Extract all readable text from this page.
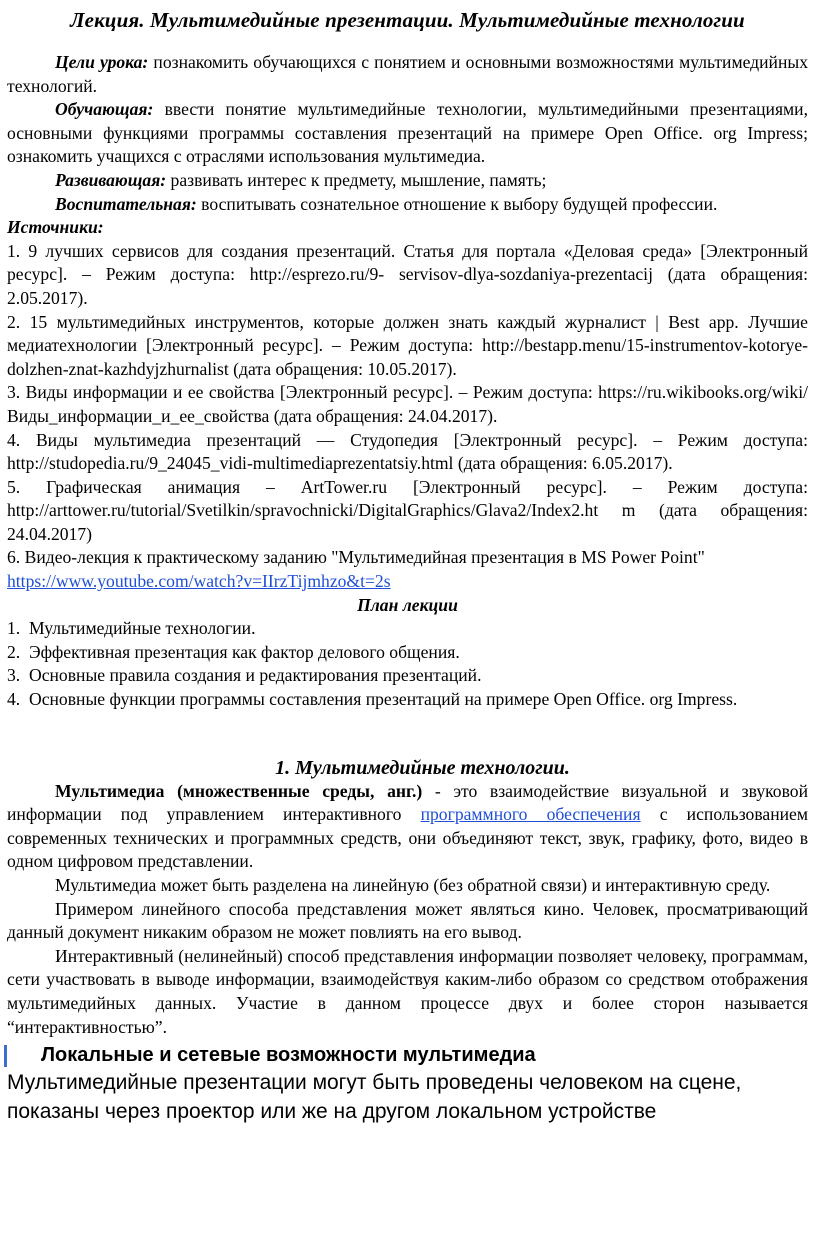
Лекция. Мультимедийные презентации. Мультимедийные технологии

Цели урока: познакомить обучающихся с понятием и основными возможностями мультимедийных технологий.

Обучающая: ввести понятие мультимедийные технологии, мультимедийными презентациями, основными функциями программы составления презентаций на примере Open Office. org Impress; ознакомить учащихся с отраслями использования мультимедиа.

Развивающая: развивать интерес к предмету, мышление, память;

Воспитательная: воспитывать сознательное отношение к выбору будущей профессии.

Источники:

1. 9 лучших сервисов для создания презентаций. Статья для портала «Деловая среда» [Электронный ресурс]. – Режим доступа: http://esprezo.ru/9- servisov-dlya-sozdaniya-prezentacij (дата обращения: 2.05.2017).

2. 15 мультимедийных инструментов, которые должен знать каждый журналист | Best app. Лучшие медиатехнологии [Электронный ресурс]. – Режим доступа: http://bestapp.menu/15-instrumentov-kotorye-dolzhen-znat-kazhdyjzhurnalist (дата обращения: 10.05.2017).

3. Виды информации и ее свойства [Электронный ресурс]. – Режим доступа: https://ru.wikibooks.org/wiki/Виды_информации_и_ее_свойства (дата обращения: 24.04.2017).

4. Виды мультимедиа презентаций — Студопедия [Электронный ресурс]. – Режим доступа: http://studopedia.ru/9_24045_vidi-multimediaprezentatsiy.html (дата обращения: 6.05.2017).

5. Графическая анимация – ArtTower.ru [Электронный ресурс]. – Режим доступа: http://arttower.ru/tutorial/Svetilkin/spravochnicki/DigitalGraphics/Glava2/Index2.ht m (дата обращения: 24.04.2017)

6. Видео-лекция к практическому заданию "Мультимедийная презентация в MS Power Point" https://www.youtube.com/watch?v=IIrzTijmhzo&t=2s

План лекции

1. Мультимедийные технологии.
2. Эффективная презентация как фактор делового общения.
3. Основные правила создания и редактирования презентаций.
4. Основные функции программы составления презентаций на примере Open Office. org Impress.

1. Мультимедийные технологии.

Мультимедиа (множественные среды, анг.) - это взаимодействие визуальной и звуковой информации под управлением интерактивного программного обеспечения с использованием современных технических и программных средств, они объединяют текст, звук, графику, фото, видео в одном цифровом представлении.

Мультимедиа может быть разделена на линейную (без обратной связи) и интерактивную среду.

Примером линейного способа представления может являться кино. Человек, просматривающий данный документ никаким образом не может повлиять на его вывод.

Интерактивный (нелинейный) способ представления информации позволяет человеку, программам, сети участвовать в выводе информации, взаимодействуя каким-либо образом со средством отображения мультимедийных данных. Участие в данном процессе двух и более сторон называется “интерактивностью”.

Локальные и сетевые возможности мультимедиа

Мультимедийные презентации могут быть проведены человеком на сцене, показаны через проектор или же на другом локальном устройстве
